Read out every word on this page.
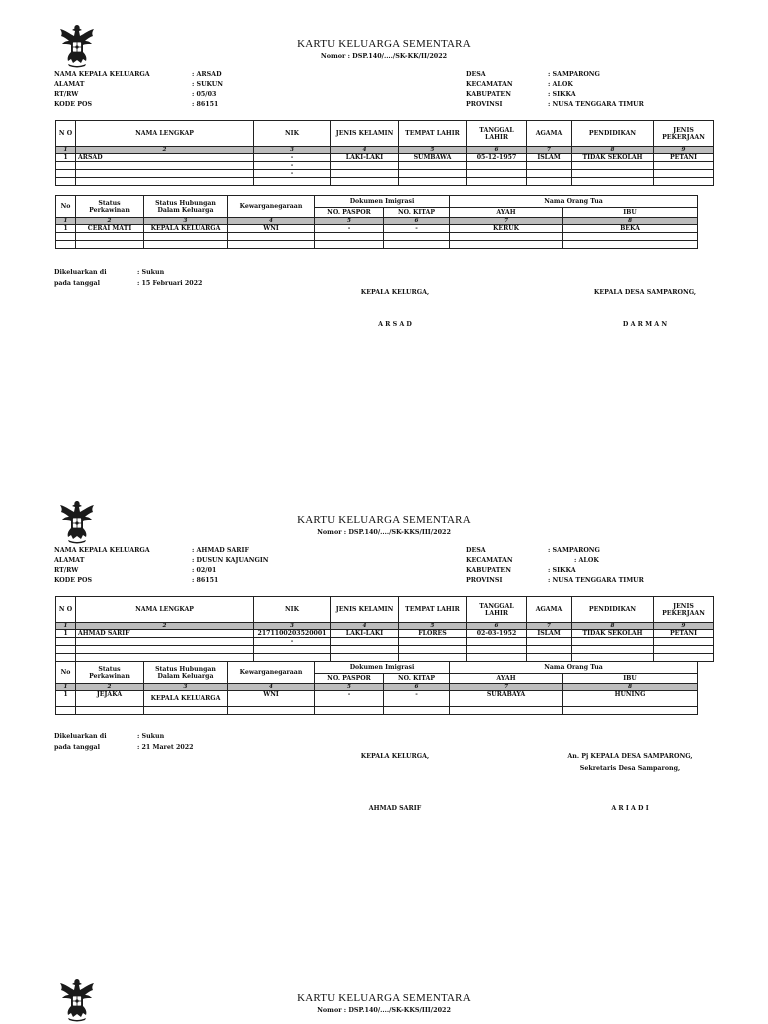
KARTU KELUARGA SEMENTARA
Nomor : DSP.140/..../SK-KK/II/2022
NAMA KEPALA KELUARGA	: ARSAD
ALAMAT	: SUKUN
RT/RW	: 05/03
KODE POS	: 86151
DESA	: SAMPARONG
KECAMATAN	: ALOK
KABUPATEN	: SIKKA
PROVINSI	: NUSA TENGGARA TIMUR
N O	NAMA LENGKAP	NIK	JENIS KELAMIN	TEMPAT LAHIR	TANGGAL LAHIR	AGAMA	PENDIDIKAN	JENIS PEKERJAAN
1	2	3	4	5	6	7	8	9
1	ARSAD	-	LAKI-LAKI	SUMBAWA	05-12-1957	ISLAM	TIDAK SEKOLAH	PETANI
		-						
		-						

No	Status Perkawinan	Status Hubungan Dalam Keluarga	Kewarganegaraan	Dokumen Imigrasi		Nama Orang Tua	
				NO. PASPOR	NO. KITAP	AYAH	IBU
1	2	3	4	5	6	7	8
1	CERAI MATI	KEPALA KELUARGA	WNI	-	-	KERUK	BEKA

Dikeluarkan di	: Sukun
pada tanggal	: 15 Februari 2022
KEPALA KELURGA,	KEPALA DESA SAMPARONG,
A R S A D	D A R M A N
KARTU KELUARGA SEMENTARA
Nomor : DSP.140/..../SK-KKS/III/2022
NAMA KEPALA KELUARGA	: AHMAD SARIF
ALAMAT	: DUSUN KAJUANGIN
RT/RW	: 02/01
KODE POS	: 86151
DESA	: SAMPARONG
KECAMATAN	: ALOK
KABUPATEN	: SIKKA
PROVINSI	: NUSA TENGGARA TIMUR
N O	NAMA LENGKAP	NIK	JENIS KELAMIN	TEMPAT LAHIR	TANGGAL LAHIR	AGAMA	PENDIDIKAN	JENIS PEKERJAAN
1	2	3	4	5	6	7	8	9
1	AHMAD SARIF	2171100203520001	LAKI-LAKI	FLORES	02-03-1952	ISLAM	TIDAK SEKOLAH	PETANI
		-						

No	Status Perkawinan	Status Hubungan Dalam Keluarga	Kewarganegaraan	Dokumen Imigrasi		Nama Orang Tua	
				NO. PASPOR	NO. KITAP	AYAH	IBU
1	2	3	4	5	6	7	8
1	JEJAKA	KEPALA KELUARGA	WNI	-	-	SURABAYA	HUNING

Dikeluarkan di	: Sukun
pada tanggal	: 21 Maret 2022
KEPALA KELURGA,	An. Pj KEPALA DESA SAMPARONG,
Sekretaris Desa Samparong,
AHMAD SARIF	A R I A D I
KARTU KELUARGA SEMENTARA
Nomor : DSP.140/..../SK-KKS/III/2022
